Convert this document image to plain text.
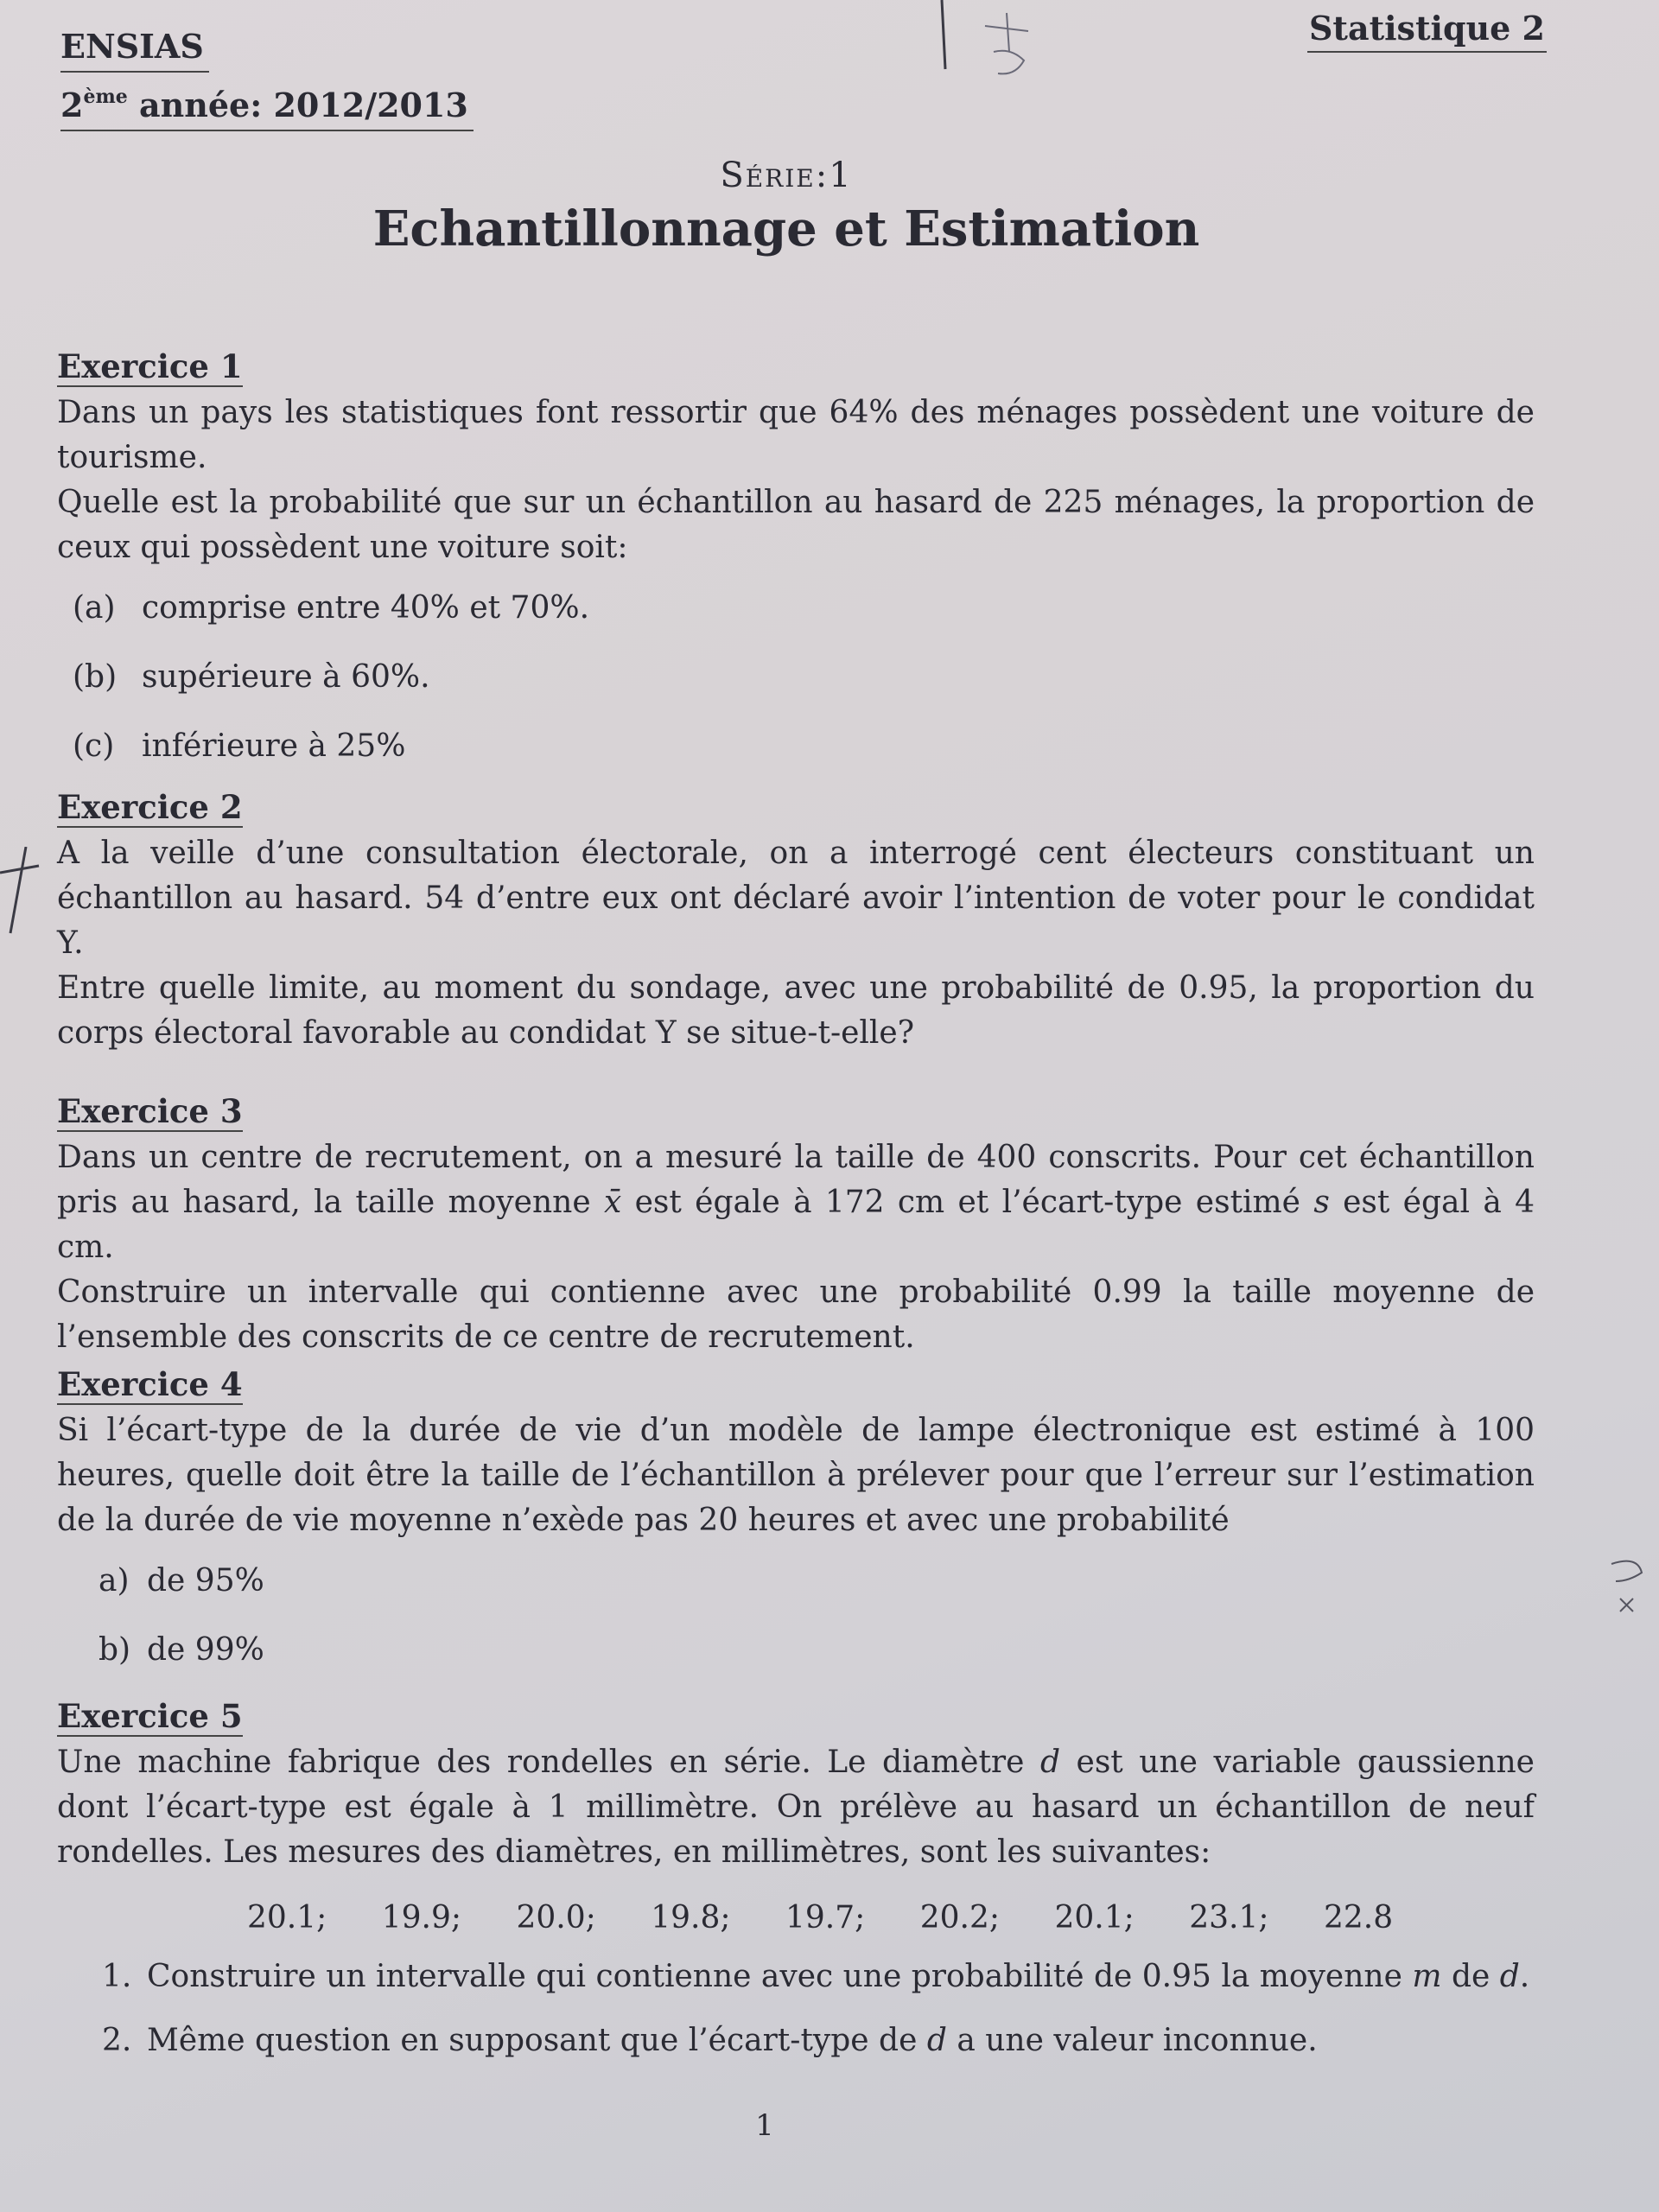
ENSIAS
2ème année: 2012/2013
Statistique 2
Série:1
Echantillonnage et Estimation
Exercice 1

Dans un pays les statistiques font ressortir que 64% des ménages possèdent une voiture de tourisme.

Quelle est la probabilité que sur un échantillon au hasard de 225 ménages, la proportion de ceux qui possèdent une voiture soit:

(a) comprise entre 40% et 70%.
(b) supérieure à 60%.
(c) inférieure à 25%
Exercice 2

A la veille d’une consultation électorale, on a interrogé cent électeurs constituant un échantillon au hasard. 54 d’entre eux ont déclaré avoir l’intention de voter pour le condidat Y.

Entre quelle limite, au moment du sondage, avec une probabilité de 0.95, la proportion du corps électoral favorable au condidat Y se situe-t-elle?

Exercice 3

Dans un centre de recrutement, on a mesuré la taille de 400 conscrits. Pour cet échantillon pris au hasard, la taille moyenne x̄ est égale à 172 cm et l’écart-type estimé s est égal à 4 cm.

Construire un intervalle qui contienne avec une probabilité 0.99 la taille moyenne de l’ensemble des conscrits de ce centre de recrutement.

Exercice 4

Si l’écart-type de la durée de vie d’un modèle de lampe électronique est estimé à 100 heures, quelle doit être la taille de l’échantillon à prélever pour que l’erreur sur l’estimation de la durée de vie moyenne n’exède pas 20 heures et avec une probabilité

a) de 95%
b) de 99%
Exercice 5

Une machine fabrique des rondelles en série. Le diamètre d est une variable gaussienne dont l’écart-type est égale à 1 millimètre. On prélève au hasard un échantillon de neuf rondelles. Les mesures des diamètres, en millimètres, sont les suivantes:

20.1; 19.9; 20.0; 19.8; 19.7; 20.2; 20.1; 23.1; 22.8
1. Construire un intervalle qui contienne avec une probabilité de 0.95 la moyenne m de d.
2. Même question en supposant que l’écart-type de d a une valeur inconnue.
1
